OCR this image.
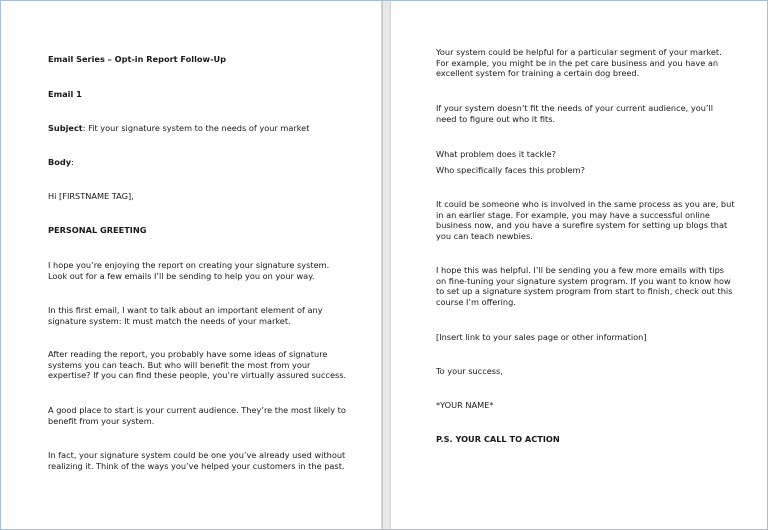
Email Series – Opt-in Report Follow-Up

Email 1

Subject: Fit your signature system to the needs of your market

Body:

Hi [FIRSTNAME TAG],

PERSONAL GREETING

I hope you’re enjoying the report on creating your signature system. Look out for a few emails I’ll be sending to help you on your way.

In this first email, I want to talk about an important element of any signature system: It must match the needs of your market.

After reading the report, you probably have some ideas of signature systems you can teach. But who will benefit the most from your expertise? If you can find these people, you’re virtually assured success.

A good place to start is your current audience. They’re the most likely to benefit from your system.

In fact, your signature system could be one you’ve already used without realizing it. Think of the ways you’ve helped your customers in the past.

Your system could be helpful for a particular segment of your market. For example, you might be in the pet care business and you have an excellent system for training a certain dog breed.

If your system doesn’t fit the needs of your current audience, you’ll need to figure out who it fits.

What problem does it tackle?

Who specifically faces this problem?

It could be someone who is involved in the same process as you are, but in an earlier stage. For example, you may have a successful online business now, and you have a surefire system for setting up blogs that you can teach newbies.

I hope this was helpful. I’ll be sending you a few more emails with tips on fine-tuning your signature system program. If you want to know how to set up a signature system program from start to finish, check out this course I’m offering.

[Insert link to your sales page or other information]

To your success,

*YOUR NAME*

P.S. YOUR CALL TO ACTION
